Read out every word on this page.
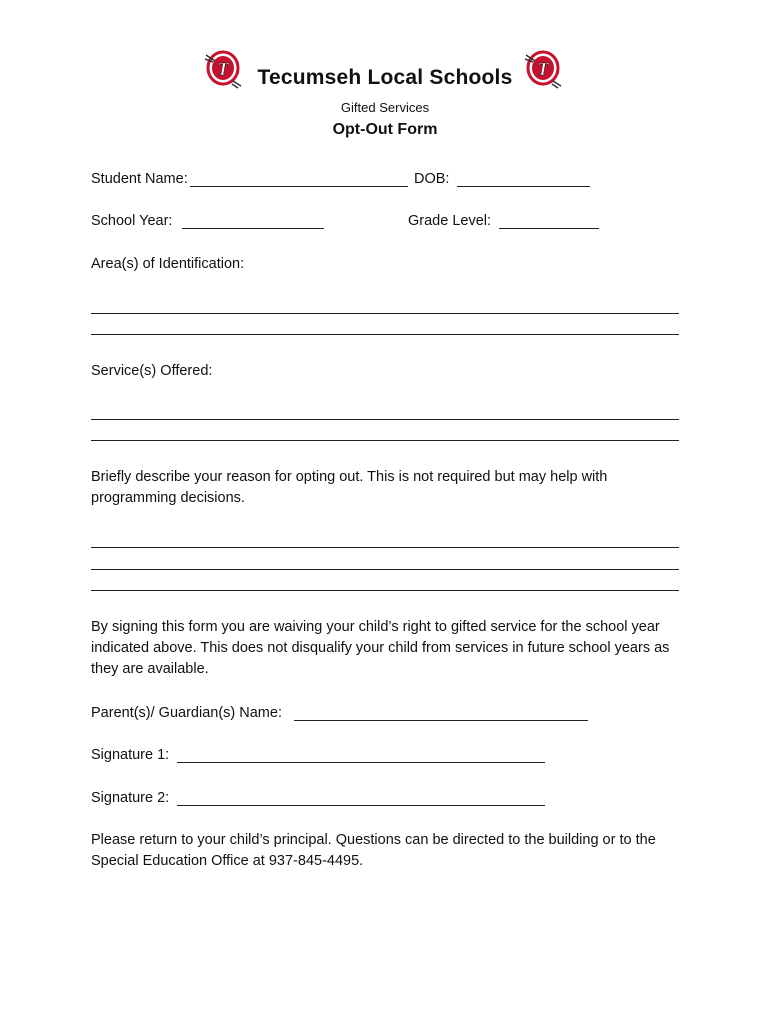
T	T
Tecumseh Local Schools
Gifted Services
Opt-Out Form
Student Name:	DOB:
School Year:	Grade Level:
Area(s) of Identification:
Service(s) Offered:
Briefly describe your reason for opting out. This is not required but may help with programming decisions.
By signing this form you are waiving your child’s right to gifted service for the school year indicated above. This does not disqualify your child from services in future school years as they are available.
Parent(s)/ Guardian(s) Name:
Signature 1:
Signature 2:
Please return to your child’s principal. Questions can be directed to the building or to the Special Education Office at 937-845-4495.
